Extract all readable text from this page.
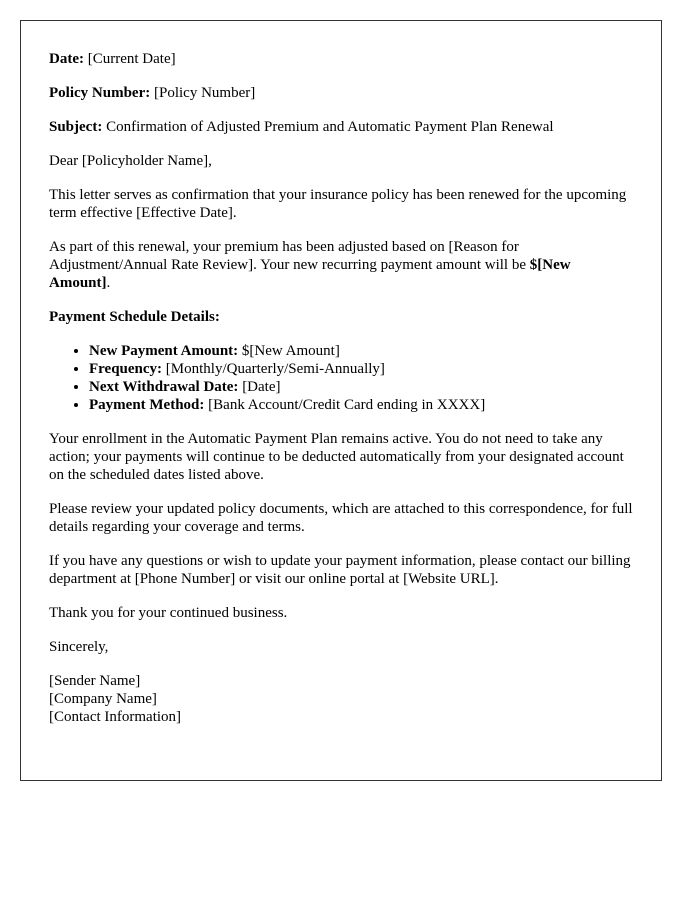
Date: [Current Date]

Policy Number: [Policy Number]

Subject: Confirmation of Adjusted Premium and Automatic Payment Plan Renewal

Dear [Policyholder Name],

This letter serves as confirmation that your insurance policy has been renewed for the upcoming term effective [Effective Date].

As part of this renewal, your premium has been adjusted based on [Reason for Adjustment/Annual Rate Review]. Your new recurring payment amount will be $[New Amount].

Payment Schedule Details:

• New Payment Amount: $[New Amount]
• Frequency: [Monthly/Quarterly/Semi-Annually]
• Next Withdrawal Date: [Date]
• Payment Method: [Bank Account/Credit Card ending in XXXX]

Your enrollment in the Automatic Payment Plan remains active. You do not need to take any action; your payments will continue to be deducted automatically from your designated account on the scheduled dates listed above.

Please review your updated policy documents, which are attached to this correspondence, for full details regarding your coverage and terms.

If you have any questions or wish to update your payment information, please contact our billing department at [Phone Number] or visit our online portal at [Website URL].

Thank you for your continued business.

Sincerely,

[Sender Name]
[Company Name]
[Contact Information]
